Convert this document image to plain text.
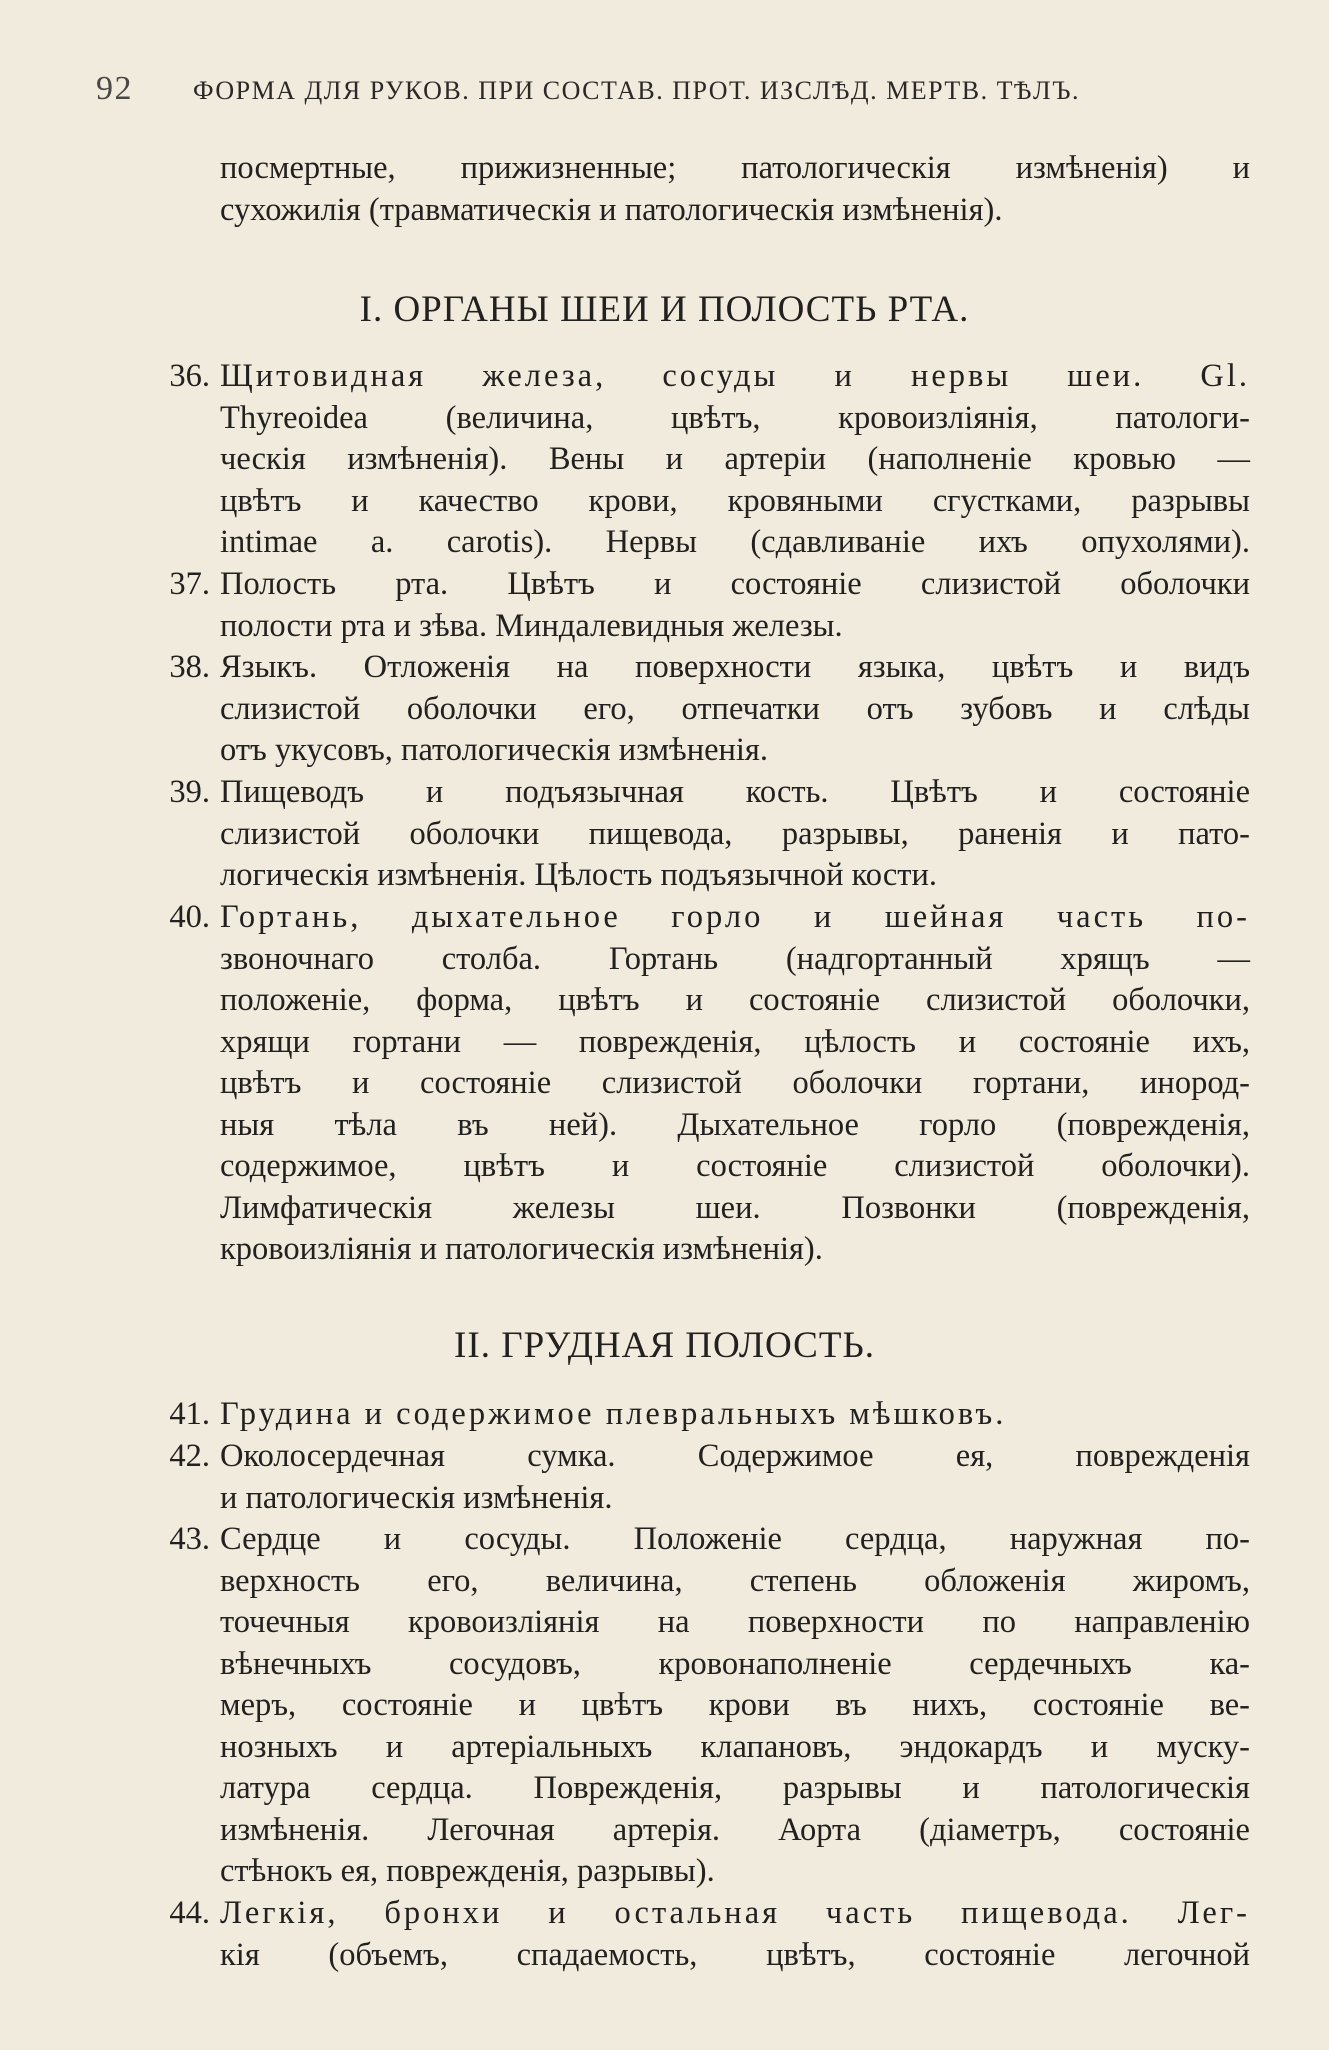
92 ФОРМА ДЛЯ РУКОВ. ПРИ СОСТАВ. ПРОТ. ИЗСЛѢД. МЕРТВ. ТѢЛЪ.
посмертные, прижизненные; патологическія измѣненія) и
сухожилія (травматическія и патологическія измѣненія).
I. ОРГАНЫ ШЕИ И ПОЛОСТЬ РТА.
36. Щитовидная железа, сосуды и нервы шеи. Gl.
Thyreoidea (величина, цвѣтъ, кровоизліянія, патологи-
ческія измѣненія). Вены и артеріи (наполненіе кровью —
цвѣтъ и качество крови, кровяными сгустками, разрывы
intimae a. carotis). Нервы (сдавливаніе ихъ опухолями).
37. Полость рта. Цвѣтъ и состояніе слизистой оболочки
полости рта и зѣва. Миндалевидныя железы.
38. Языкъ. Отложенія на поверхности языка, цвѣтъ и видъ
слизистой оболочки его, отпечатки отъ зубовъ и слѣды
отъ укусовъ, патологическія измѣненія.
39. Пищеводъ и подъязычная кость. Цвѣтъ и состояніе
слизистой оболочки пищевода, разрывы, раненія и пато-
логическія измѣненія. Цѣлость подъязычной кости.
40. Гортань, дыхательное горло и шейная часть по-
звоночнаго столба. Гортань (надгортанный хрящъ —
положеніе, форма, цвѣтъ и состояніе слизистой оболочки,
хрящи гортани — поврежденія, цѣлость и состояніе ихъ,
цвѣтъ и состояніе слизистой оболочки гортани, инород-
ныя тѣла въ ней). Дыхательное горло (поврежденія,
содержимое, цвѣтъ и состояніе слизистой оболочки).
Лимфатическія железы шеи. Позвонки (поврежденія,
кровоизліянія и патологическія измѣненія).
II. ГРУДНАЯ ПОЛОСТЬ.
41. Грудина и содержимое плевральныхъ мѣшковъ.
42. Околосердечная сумка. Содержимое ея, поврежденія
и патологическія измѣненія.
43. Сердце и сосуды. Положеніе сердца, наружная по-
верхность его, величина, степень обложенія жиромъ,
точечныя кровоизліянія на поверхности по направленію
вѣнечныхъ сосудовъ, кровонаполненіе сердечныхъ ка-
меръ, состояніе и цвѣтъ крови въ нихъ, состояніе ве-
нозныхъ и артеріальныхъ клапановъ, эндокардъ и муску-
латура сердца. Поврежденія, разрывы и патологическія
измѣненія. Легочная артерія. Аорта (діаметръ, состояніе
стѣнокъ ея, поврежденія, разрывы).
44. Легкія, бронхи и остальная часть пищевода. Лег-
кія (объемъ, спадаемость, цвѣтъ, состояніе легочной
